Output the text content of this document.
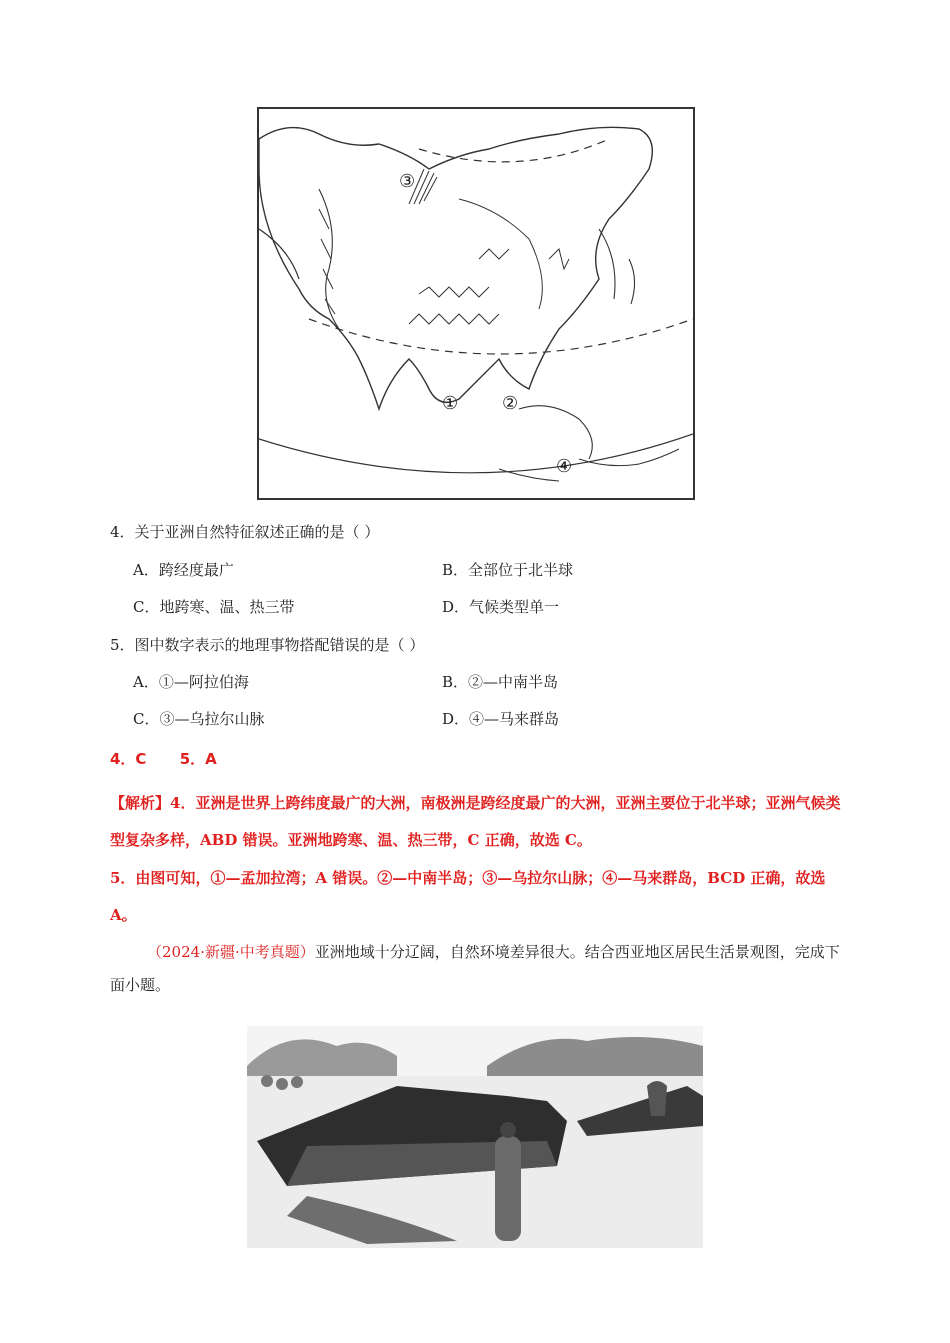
③
① ②
④
4．关于亚洲自然特征叙述正确的是（ ）
A．跨经度最广	B．全部位于北半球
C．地跨寒、温、热三带	D．气候类型单一
5．图中数字表示的地理事物搭配错误的是（ ）
A．①—阿拉伯海	B．②—中南半岛
C．③—乌拉尔山脉	D．④—马来群岛
4．C 5．A
【解析】4．亚洲是世界上跨纬度最广的大洲，南极洲是跨经度最广的大洲，亚洲主要位于北半球；亚洲气候类型复杂多样，ABD 错误。亚洲地跨寒、温、热三带，C 正确，故选 C。
5．由图可知，①—孟加拉湾；A 错误。②—中南半岛；③—乌拉尔山脉；④—马来群岛，BCD 正确，故选 A。
（2024·新疆·中考真题）亚洲地域十分辽阔，自然环境差异很大。结合西亚地区居民生活景观图，完成下面小题。
